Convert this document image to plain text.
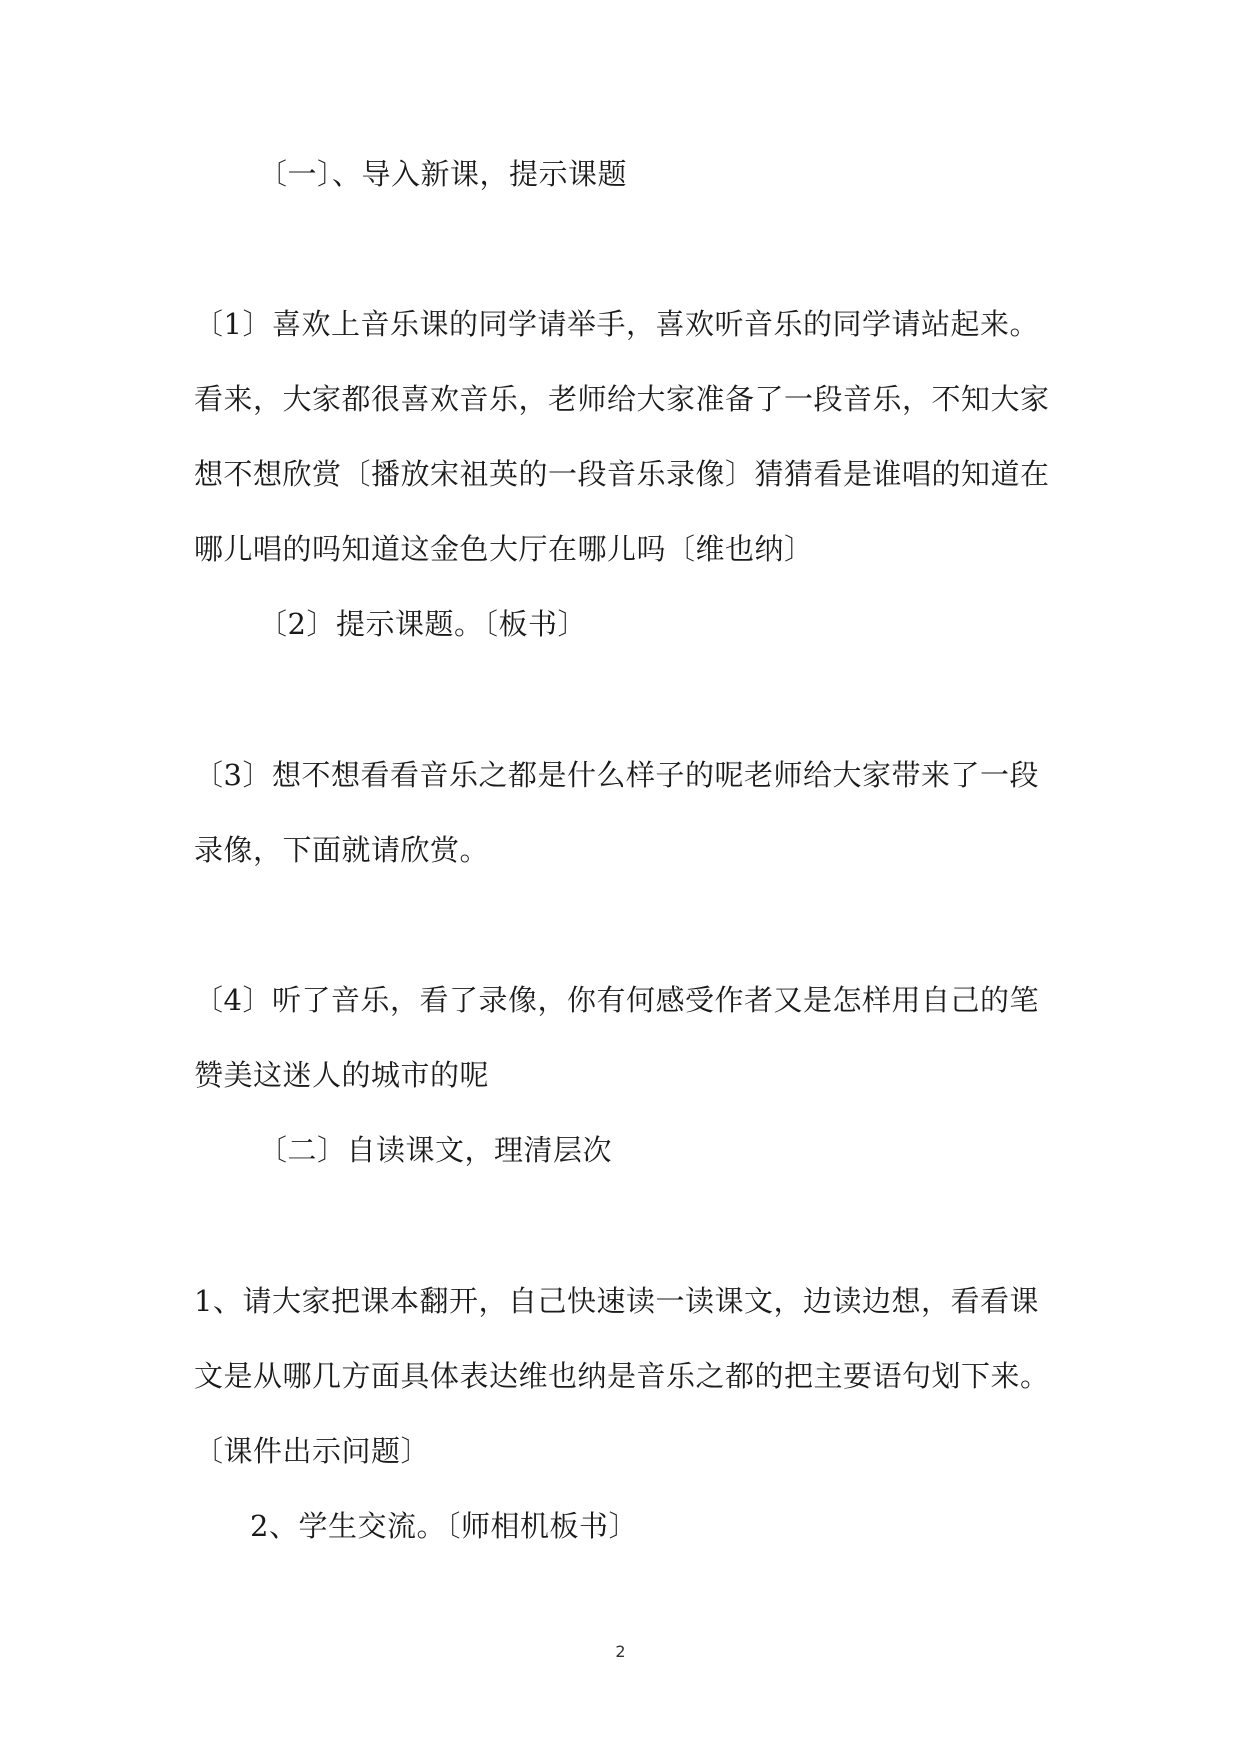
〔一〕、导入新课，提示课题

〔1〕喜欢上音乐课的同学请举手，喜欢听音乐的同学请站起来。

看来，大家都很喜欢音乐，老师给大家准备了一段音乐，不知大家

想不想欣赏〔播放宋祖英的一段音乐录像〕猜猜看是谁唱的知道在

哪儿唱的吗知道这金色大厅在哪儿吗〔维也纳〕

〔2〕提示课题。〔板书〕

〔3〕想不想看看音乐之都是什么样子的呢老师给大家带来了一段

录像，下面就请欣赏。

〔4〕听了音乐，看了录像，你有何感受作者又是怎样用自己的笔

赞美这迷人的城市的呢

〔二〕自读课文，理清层次

1、请大家把课本翻开，自己快速读一读课文，边读边想，看看课

文是从哪几方面具体表达维也纳是音乐之都的把主要语句划下来。

〔课件出示问题〕

2、学生交流。〔师相机板书〕

2
